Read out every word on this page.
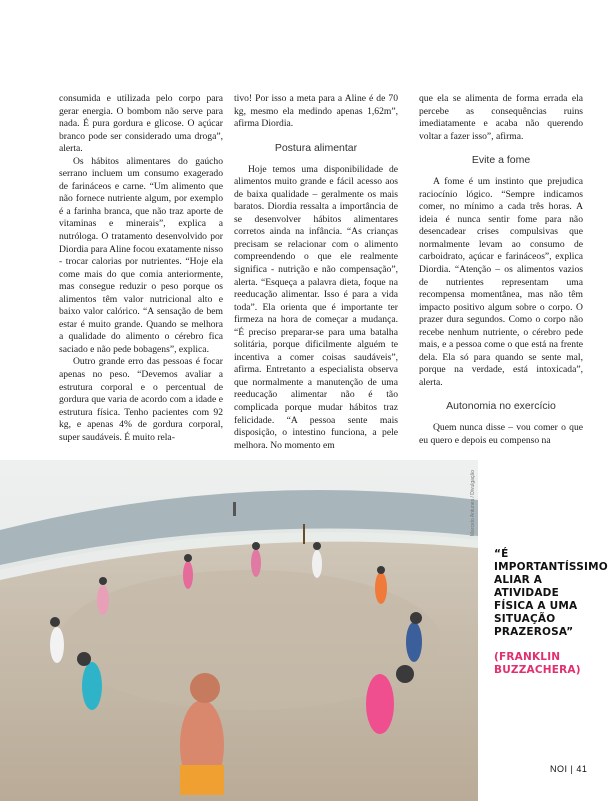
consumida e utilizada pelo corpo para gerar energia. O bombom não serve para nada. É pura gordura e glicose. O açúcar branco pode ser considerado uma droga”, alerta.

Os hábitos alimentares do gaúcho serrano incluem um consumo exagerado de farináceos e carne. “Um alimento que não fornece nutriente algum, por exemplo é a farinha branca, que não traz aporte de vitaminas e minerais”, explica a nutróloga. O tratamento desenvolvido por Diordia para Aline focou exatamente nisso - trocar calorias por nutrientes. “Hoje ela come mais do que comia anteriormente, mas consegue reduzir o peso porque os alimentos têm valor nutricional alto e baixo valor calórico. “A sensação de bem estar é muito grande. Quando se melhora a qualidade do alimento o cérebro fica saciado e não pede bobagens”, explica.

Outro grande erro das pessoas é focar apenas no peso. “Devemos avaliar a estrutura corporal e o percentual de gordura que varia de acordo com a idade e estrutura física. Tenho pacientes com 92 kg, e apenas 4% de gordura corporal, super saudáveis. É muito rela-

tivo! Por isso a meta para a Aline é de 70 kg, mesmo ela medindo apenas 1,62m”, afirma Diordia.

Postura alimentar

Hoje temos uma disponibilidade de alimentos muito grande e fácil acesso aos de baixa qualidade – geralmente os mais baratos. Diordia ressalta a importância de se desenvolver hábitos alimentares corretos ainda na infância. “As crianças precisam se relacionar com o alimento compreendendo o que ele realmente significa - nutrição e não compensação”, alerta. “Esqueça a palavra dieta, foque na reeducação alimentar. Isso é para a vida toda”. Ela orienta que é importante ter firmeza na hora de começar a mudança. “É preciso preparar-se para uma batalha solitária, porque dificilmente alguém te incentiva a comer coisas saudáveis”, afirma. Entretanto a especialista observa que normalmente a manutenção de uma reeducação alimentar não é tão complicada porque mudar hábitos traz felicidade. “A pessoa sente mais disposição, o intestino funciona, a pele melhora. No momento em

que ela se alimenta de forma errada ela percebe as consequências ruins imediatamente e acaba não querendo voltar a fazer isso”, afirma.

Evite a fome

A fome é um instinto que prejudica raciocínio lógico. “Sempre indicamos comer, no mínimo a cada três horas. A ideia é nunca sentir fome para não desencadear crises compulsivas que normalmente levam ao consumo de carboidrato, açúcar e farináceos”, explica Diordia. “Atenção – os alimentos vazios de nutrientes representam uma recompensa momentânea, mas não têm impacto positivo algum sobre o corpo. O prazer dura segundos. Como o corpo não recebe nenhum nutriente, o cérebro pede mais, e a pessoa come o que está na frente dela. Ela só para quando se sente mal, porque na verdade, está intoxicada”, alerta.

Autonomia no exercício

Quem nunca disse – vou comer o que eu quero e depois eu compenso na

Marcelo Antunes / Divulgação
“É IMPORTANTÍSSIMO ALIAR A ATIVIDADE FÍSICA A UMA SITUAÇÃO PRAZEROSA”
(FRANKLIN BUZZACHERA)
NOI | 41
